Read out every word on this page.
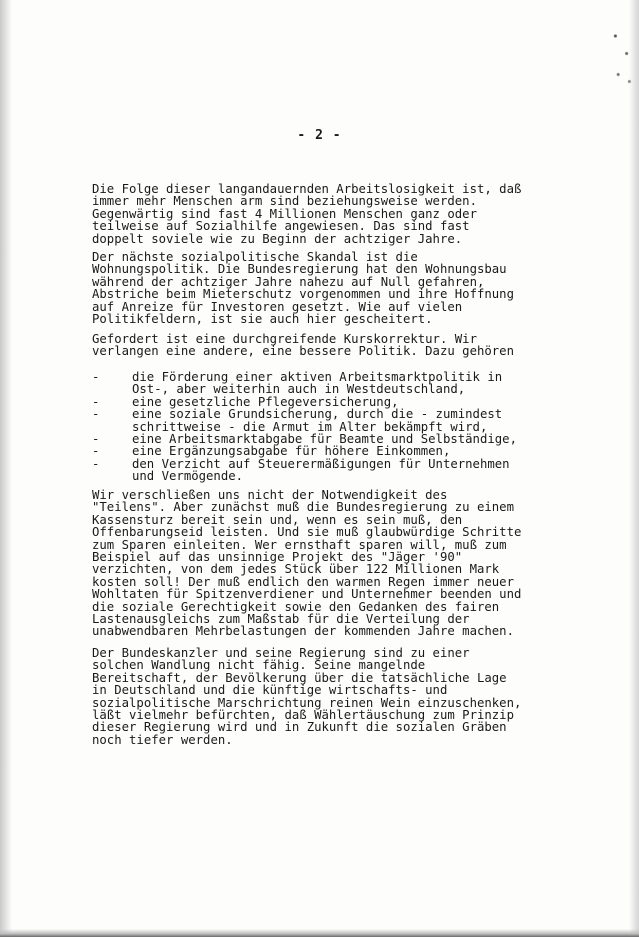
- 2 -

Die Folge dieser langandauernden Arbeitslosigkeit ist, daß
immer mehr Menschen arm sind beziehungsweise werden.
Gegenwärtig sind fast 4 Millionen Menschen ganz oder
teilweise auf Sozialhilfe angewiesen. Das sind fast
doppelt soviele wie zu Beginn der achtziger Jahre.

Der nächste sozialpolitische Skandal ist die
Wohnungspolitik. Die Bundesregierung hat den Wohnungsbau
während der achtziger Jahre nahezu auf Null gefahren,
Abstriche beim Mieterschutz vorgenommen und ihre Hoffnung
auf Anreize für Investoren gesetzt. Wie auf vielen
Politikfeldern, ist sie auch hier gescheitert.

Gefordert ist eine durchgreifende Kurskorrektur. Wir
verlangen eine andere, eine bessere Politik. Dazu gehören

-	die Förderung einer aktiven Arbeitsmarktpolitik in
Ost-, aber weiterhin auch in Westdeutschland,
-	eine gesetzliche Pflegeversicherung,
-	eine soziale Grundsicherung, durch die - zumindest
schrittweise - die Armut im Alter bekämpft wird,
-	eine Arbeitsmarktabgabe für Beamte und Selbständige,
-	eine Ergänzungsabgabe für höhere Einkommen,
-	den Verzicht auf Steuerermäßigungen für Unternehmen
und Vermögende.

Wir verschließen uns nicht der Notwendigkeit des
"Teilens". Aber zunächst muß die Bundesregierung zu einem
Kassensturz bereit sein und, wenn es sein muß, den
Offenbarungseid leisten. Und sie muß glaubwürdige Schritte
zum Sparen einleiten. Wer ernsthaft sparen will, muß zum
Beispiel auf das unsinnige Projekt des "Jäger '90"
verzichten, von dem jedes Stück über 122 Millionen Mark
kosten soll! Der muß endlich den warmen Regen immer neuer
Wohltaten für Spitzenverdiener und Unternehmer beenden und
die soziale Gerechtigkeit sowie den Gedanken des fairen
Lastenausgleichs zum Maßstab für die Verteilung der
unabwendbaren Mehrbelastungen der kommenden Jahre machen.

Der Bundeskanzler und seine Regierung sind zu einer
solchen Wandlung nicht fähig. Seine mangelnde
Bereitschaft, der Bevölkerung über die tatsächliche Lage
in Deutschland und die künftige wirtschafts- und
sozialpolitische Marschrichtung reinen Wein einzuschenken,
läßt vielmehr befürchten, daß Wählertäuschung zum Prinzip
dieser Regierung wird und in Zukunft die sozialen Gräben
noch tiefer werden.
